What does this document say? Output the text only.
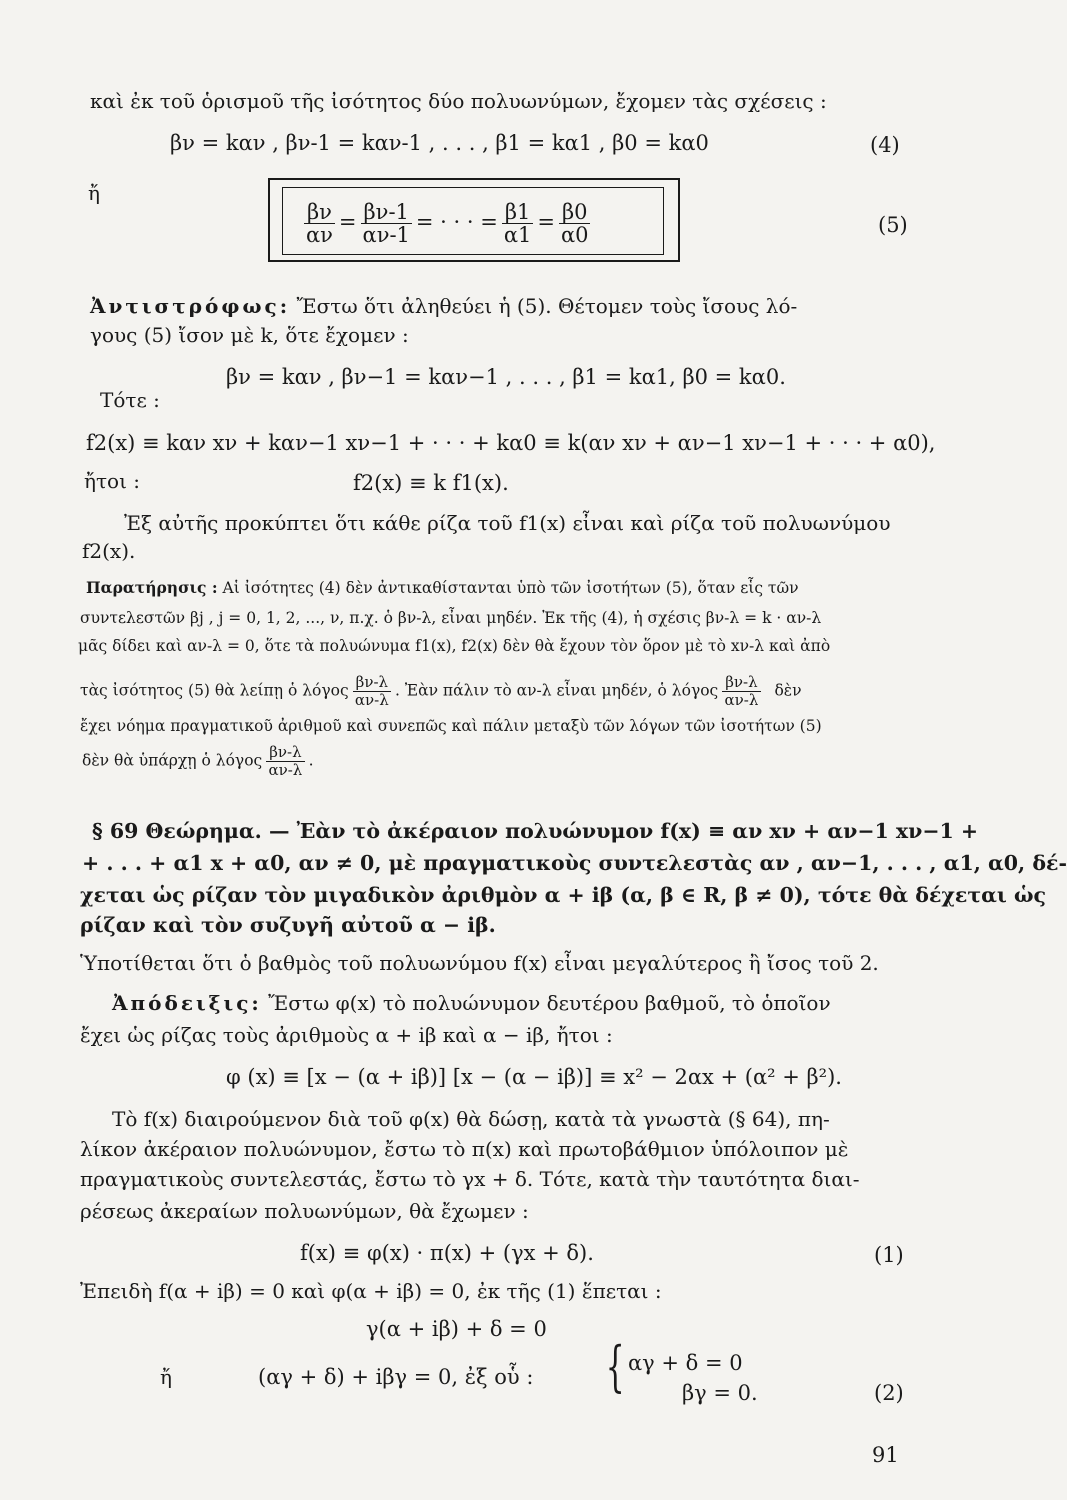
καὶ ἐκ τοῦ ὁρισμοῦ τῆς ἰσότητος δύο πολυωνύμων, ἔχομεν τὰς σχέσεις :
βν = kαν , βν-1 = kαν-1 , . . . , β1 = kα1 , β0 = kα0	(4)
ἤ
$\frac{\beta\nu}{\alpha\nu} = \frac{\beta\nu-1}{\alpha\nu-1}$ = · · · = $\frac{\beta 1}{\alpha 1} = \frac{\beta 0}{\alpha 0}$	(5)
Ἀντιστρόφως: Ἔστω ὅτι ἀληθεύει ἡ (5). Θέτομεν τοὺς ἴσους λό-
γους (5) ἴσον μὲ k, ὅτε ἔχομεν :
βν = kαν , βν−1 = kαν−1 , . . . , β1 = kα1, β0 = kα0.
Τότε :
f2(x) ≡ kαν xν + kαν−1 xν−1 + · · · + kα0 ≡ k(αν xν + αν−1 xν−1 + · · · + α0),
ἤτοι :	f2(x) ≡ k f1(x).
Ἐξ αὐτῆς προκύπτει ὅτι κάθε ρίζα τοῦ f1(x) εἶναι καὶ ρίζα τοῦ πολυωνύμου
f2(x).
Παρατήρησις : Αἱ ἰσότητες (4) δὲν ἀντικαθίστανται ὑπὸ τῶν ἰσοτήτων (5), ὅταν εἷς τῶν
συντελεστῶν βj , j = 0, 1, 2, ..., ν, π.χ. ὁ βν-λ, εἶναι μηδέν. Ἐκ τῆς (4), ἡ σχέσις βν-λ = k · αν-λ
μᾶς δίδει καὶ αν-λ = 0, ὅτε τὰ πολυώνυμα f1(x), f2(x) δὲν θὰ ἔχουν τὸν ὅρον μὲ τὸ xν-λ καὶ ἀπὸ
τὰς ἰσότητος (5) θὰ λείπῃ ὁ λόγος $\frac{\beta\nu-\lambda}{\alpha\nu-\lambda}$ . Ἐὰν πάλιν τὸ αν-λ εἶναι μηδέν, ὁ λόγος $\frac{\beta\nu-\lambda}{\alpha\nu-\lambda}$ δὲν
ἔχει νόημα πραγματικοῦ ἀριθμοῦ καὶ συνεπῶς καὶ πάλιν μεταξὺ τῶν λόγων τῶν ἰσοτήτων (5)
δὲν θὰ ὑπάρχῃ ὁ λόγος $\frac{\beta\nu-\lambda}{\alpha\nu-\lambda}$ .
§ 69 Θεώρημα. — Ἐὰν τὸ ἀκέραιον πολυώνυμον f(x) ≡ αν xν + αν−1 xν−1 +
+ . . . + α1 x + α0, αν ≠ 0, μὲ πραγματικοὺς συντελεστὰς αν , αν−1, . . . , α1, α0, δέ-
χεται ὡς ρίζαν τὸν μιγαδικὸν ἀριθμὸν α + iβ (α, β ∈ R, β ≠ 0), τότε θὰ δέχεται ὡς
ρίζαν καὶ τὸν συζυγῆ αὐτοῦ α − iβ.
Ὑποτίθεται ὅτι ὁ βαθμὸς τοῦ πολυωνύμου f(x) εἶναι μεγαλύτερος ἢ ἴσος τοῦ 2.
Ἀπόδειξις: Ἔστω φ(x) τὸ πολυώνυμον δευτέρου βαθμοῦ, τὸ ὁποῖον
ἔχει ὡς ρίζας τοὺς ἀριθμοὺς α + iβ καὶ α − iβ, ἤτοι :
φ (x) ≡ [x − (α + iβ)] [x − (α − iβ)] ≡ x² − 2αx + (α² + β²).
Τὸ f(x) διαιρούμενον διὰ τοῦ φ(x) θὰ δώσῃ, κατὰ τὰ γνωστὰ (§ 64), πη-
λίκον ἀκέραιον πολυώνυμον, ἔστω τὸ π(x) καὶ πρωτοβάθμιον ὑπόλοιπον μὲ
πραγματικοὺς συντελεστάς, ἔστω τὸ γx + δ. Τότε, κατὰ τὴν ταυτότητα διαι-
ρέσεως ἀκεραίων πολυωνύμων, θὰ ἔχωμεν :
f(x) ≡ φ(x) · π(x) + (γx + δ).	(1)
Ἐπειδὴ f(α + iβ) = 0 καὶ φ(α + iβ) = 0, ἐκ τῆς (1) ἕπεται :
γ(α + iβ) + δ = 0
ἤ	(αγ + δ) + iβγ = 0, ἐξ οὗ : { αγ + δ = 0
βγ = 0.	(2)
91
